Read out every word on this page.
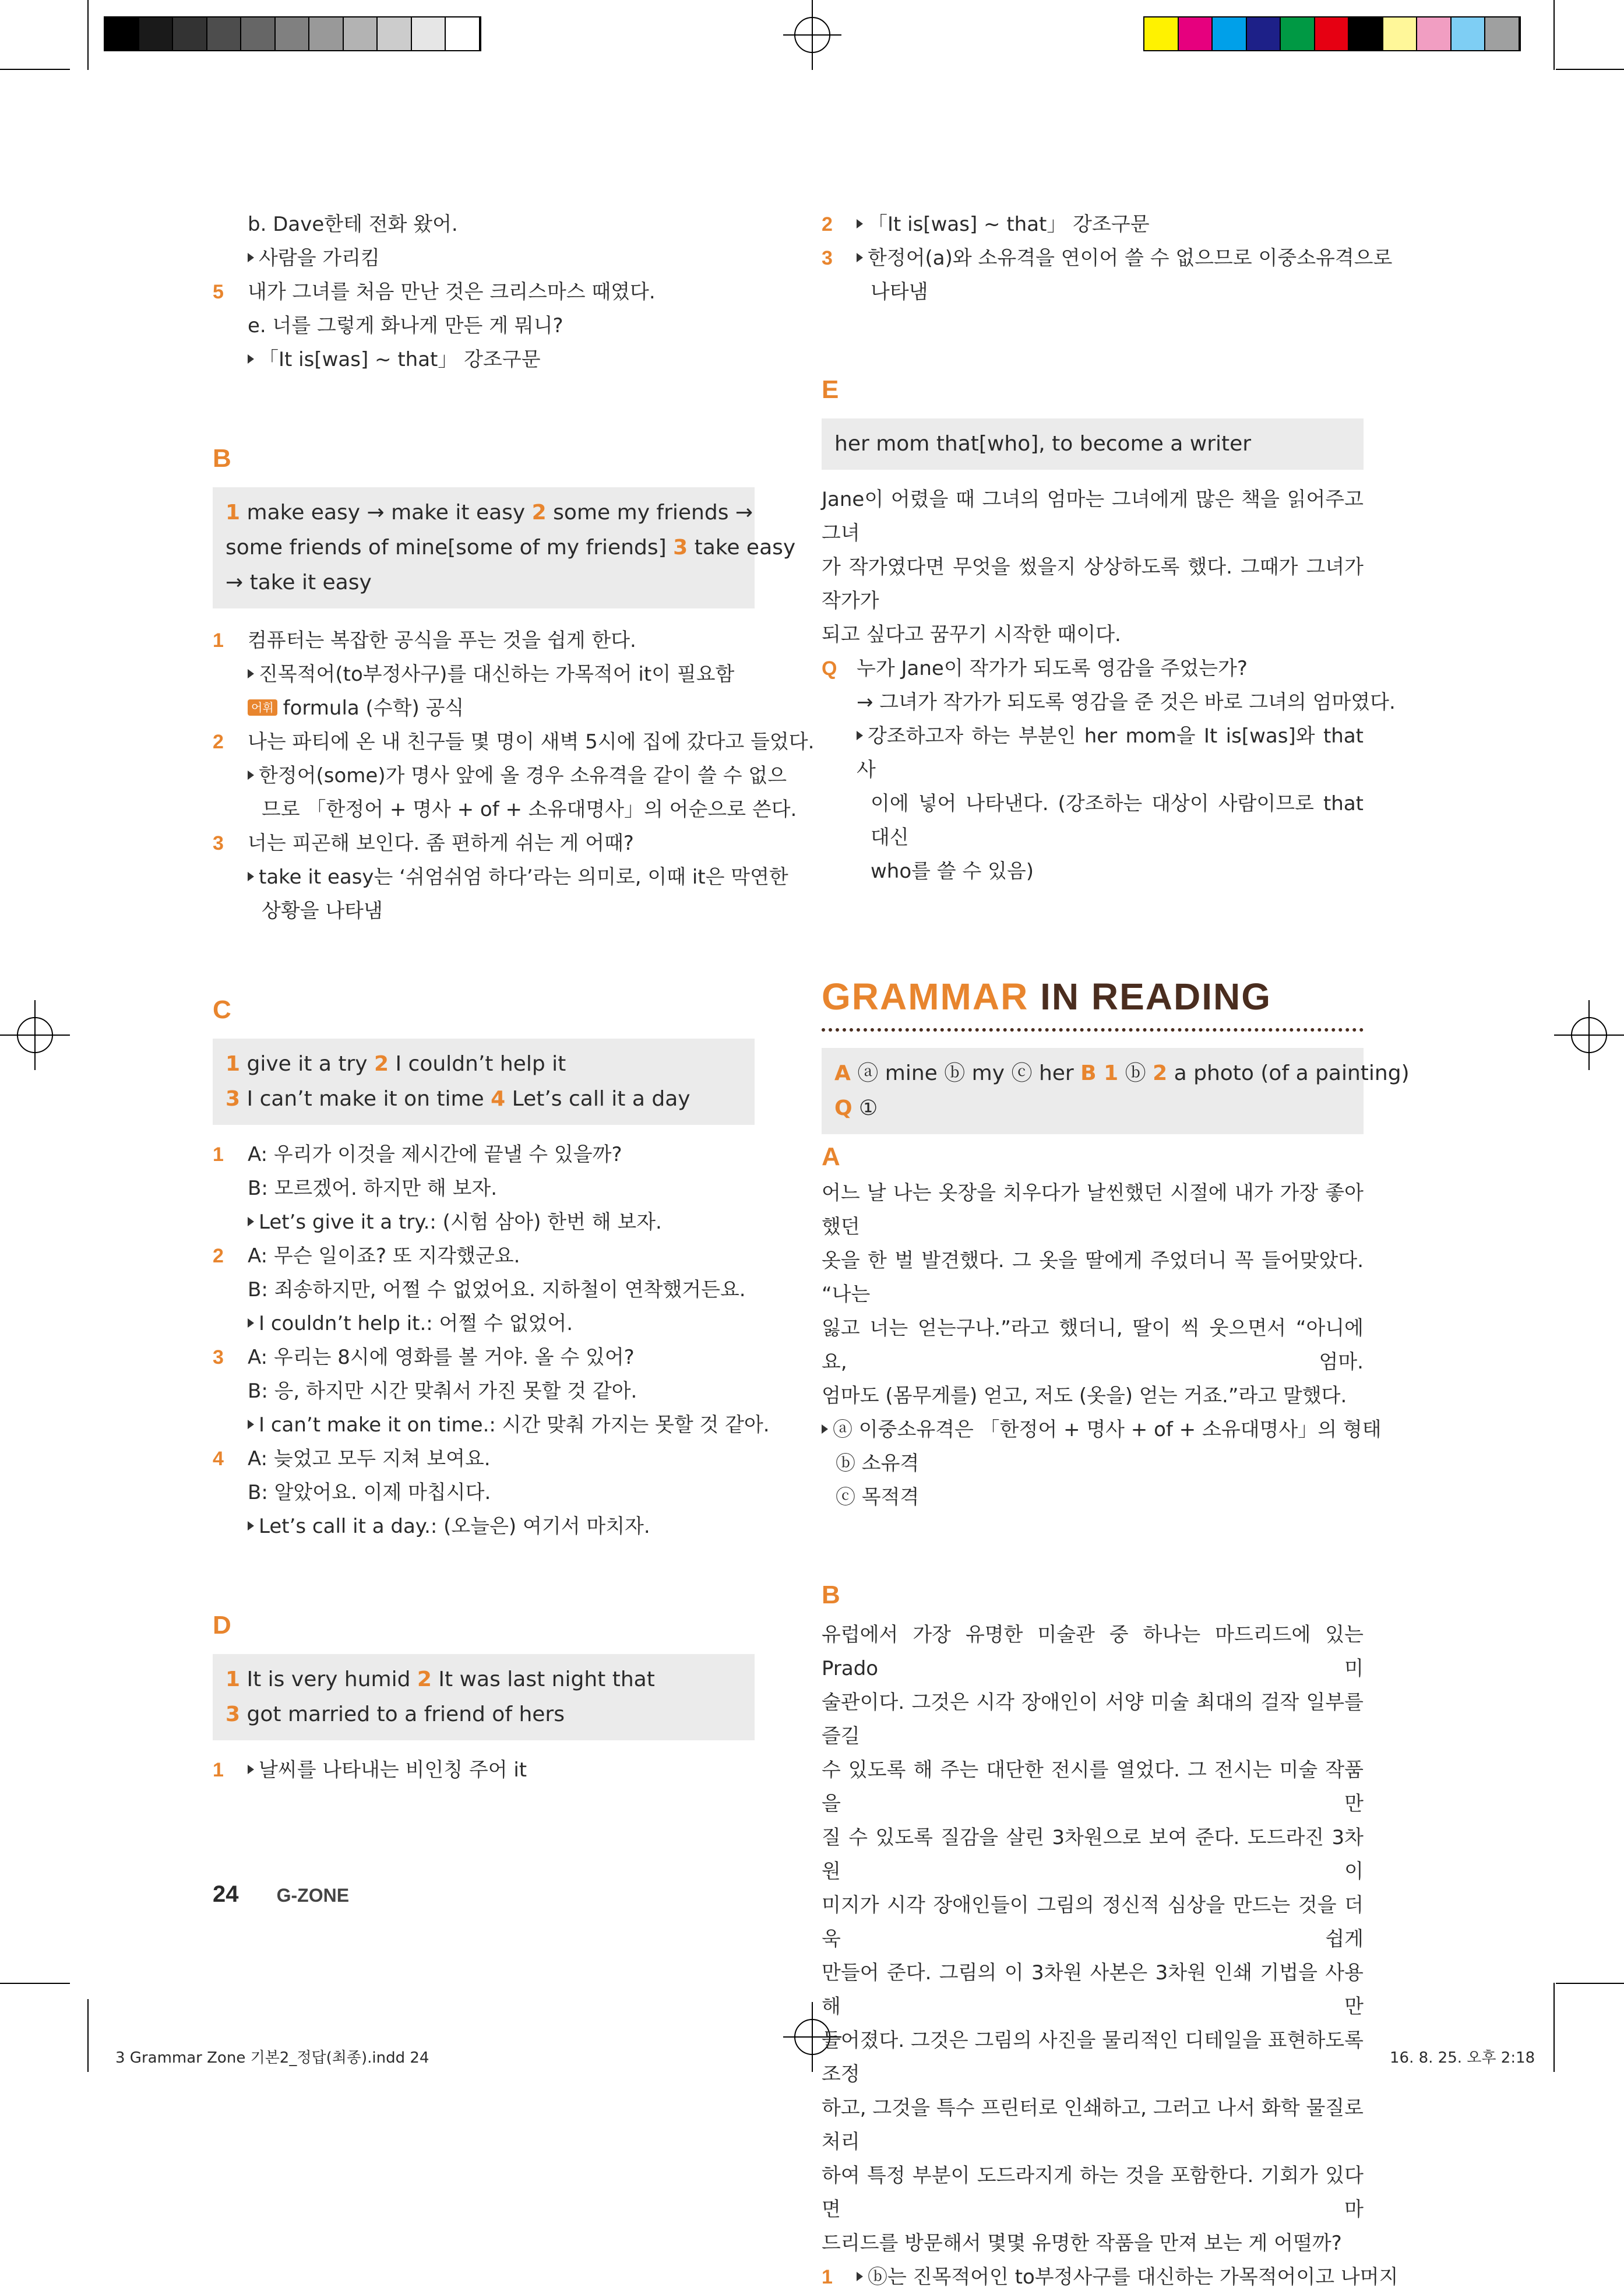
b. Dave한테 전화 왔어.
사람을 가리킴
5 내가 그녀를 처음 만난 것은 크리스마스 때였다.
e. 너를 그렇게 화나게 만든 게 뭐니?
「It is[was] ~ that」 강조구문
B
1 make easy → make it easy 2 some my friends →
some friends of mine[some of my friends] 3 take easy
→ take it easy
1 컴퓨터는 복잡한 공식을 푸는 것을 쉽게 한다.
진목적어(to부정사구)를 대신하는 가목적어 it이 필요함
어휘 formula (수학) 공식
2 나는 파티에 온 내 친구들 몇 명이 새벽 5시에 집에 갔다고 들었다.
한정어(some)가 명사 앞에 올 경우 소유격을 같이 쓸 수 없으
므로 「한정어 + 명사 + of + 소유대명사」의 어순으로 쓴다.
3 너는 피곤해 보인다. 좀 편하게 쉬는 게 어때?
take it easy는 ‘쉬엄쉬엄 하다’라는 의미로, 이때 it은 막연한
상황을 나타냄
C
1 give it a try 2 I couldn’t help it
3 I can’t make it on time 4 Let’s call it a day
1 A: 우리가 이것을 제시간에 끝낼 수 있을까?
B: 모르겠어. 하지만 해 보자.
Let’s give it a try.: (시험 삼아) 한번 해 보자.
2 A: 무슨 일이죠? 또 지각했군요.
B: 죄송하지만, 어쩔 수 없었어요. 지하철이 연착했거든요.
I couldn’t help it.: 어쩔 수 없었어.
3 A: 우리는 8시에 영화를 볼 거야. 올 수 있어?
B: 응, 하지만 시간 맞춰서 가진 못할 것 같아.
I can’t make it on time.: 시간 맞춰 가지는 못할 것 같아.
4 A: 늦었고 모두 지쳐 보여요.
B: 알았어요. 이제 마칩시다.
Let’s call it a day.: (오늘은) 여기서 마치자.
D
1 It is very humid 2 It was last night that
3 got married to a friend of hers
1 날씨를 나타내는 비인칭 주어 it
2 「It is[was] ~ that」 강조구문
3 한정어(a)와 소유격을 연이어 쓸 수 없으므로 이중소유격으로
나타냄
E
her mom that[who], to become a writer
Jane이 어렸을 때 그녀의 엄마는 그녀에게 많은 책을 읽어주고 그녀
가 작가였다면 무엇을 썼을지 상상하도록 했다. 그때가 그녀가 작가가
되고 싶다고 꿈꾸기 시작한 때이다.
Q 누가 Jane이 작가가 되도록 영감을 주었는가?
→ 그녀가 작가가 되도록 영감을 준 것은 바로 그녀의 엄마였다.
강조하고자 하는 부분인 her mom을 It is[was]와 that 사
이에 넣어 나타낸다. (강조하는 대상이 사람이므로 that 대신
who를 쓸 수 있음)
GRAMMAR IN READING
A ⓐ mine ⓑ my ⓒ her B 1 ⓑ 2 a photo (of a painting)
Q ①
A
어느 날 나는 옷장을 치우다가 날씬했던 시절에 내가 가장 좋아했던
옷을 한 벌 발견했다. 그 옷을 딸에게 주었더니 꼭 들어맞았다. “나는
잃고 너는 얻는구나.”라고 했더니, 딸이 씩 웃으면서 “아니에요, 엄마.
엄마도 (몸무게를) 얻고, 저도 (옷을) 얻는 거죠.”라고 말했다.
ⓐ 이중소유격은 「한정어 + 명사 + of + 소유대명사」의 형태
ⓑ 소유격
ⓒ 목적격
B
유럽에서 가장 유명한 미술관 중 하나는 마드리드에 있는 Prado 미
술관이다. 그것은 시각 장애인이 서양 미술 최대의 걸작 일부를 즐길
수 있도록 해 주는 대단한 전시를 열었다. 그 전시는 미술 작품을 만
질 수 있도록 질감을 살린 3차원으로 보여 준다. 도드라진 3차원 이
미지가 시각 장애인들이 그림의 정신적 심상을 만드는 것을 더욱 쉽게
만들어 준다. 그림의 이 3차원 사본은 3차원 인쇄 기법을 사용해 만
들어졌다. 그것은 그림의 사진을 물리적인 디테일을 표현하도록 조정
하고, 그것을 특수 프린터로 인쇄하고, 그러고 나서 화학 물질로 처리
하여 특정 부분이 도드라지게 하는 것을 포함한다. 기회가 있다면 마
드리드를 방문해서 몇몇 유명한 작품을 만져 보는 게 어떨까?
1 ⓑ는 진목적어인 to부정사구를 대신하는 가목적어이고 나머지
24 G-ZONE
3 Grammar Zone 기본2_정답(최종).indd 24	16. 8. 25. 오후 2:18
